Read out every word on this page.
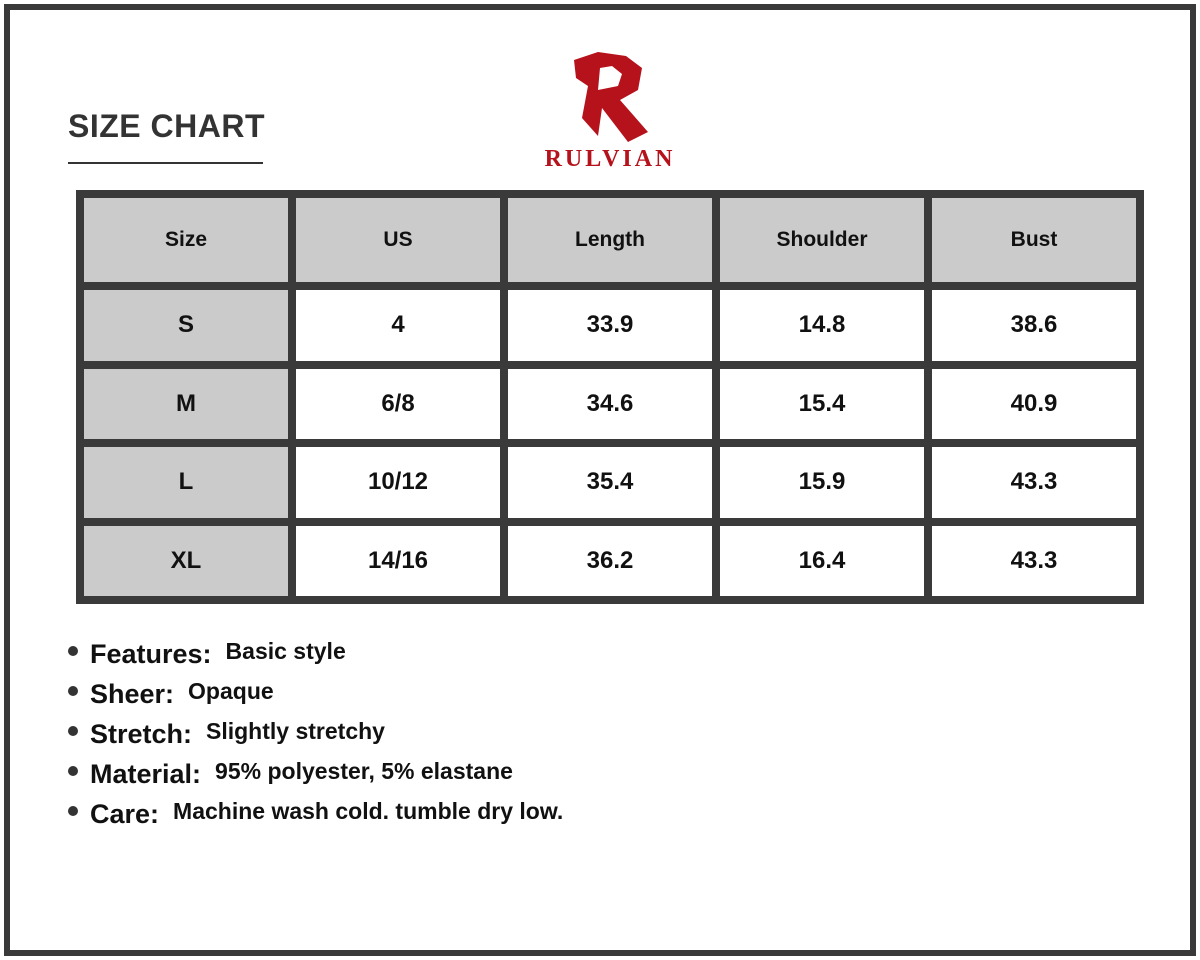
SIZE CHART
RULVIAN
Size	US	Length	Shoulder	Bust
S	4	33.9	14.8	38.6
M	6/8	34.6	15.4	40.9
L	10/12	35.4	15.9	43.3
XL	14/16	36.2	16.4	43.3
Features: Basic style
Sheer: Opaque
Stretch: Slightly stretchy
Material: 95% polyester, 5% elastane
Care: Machine wash cold. tumble dry low.
